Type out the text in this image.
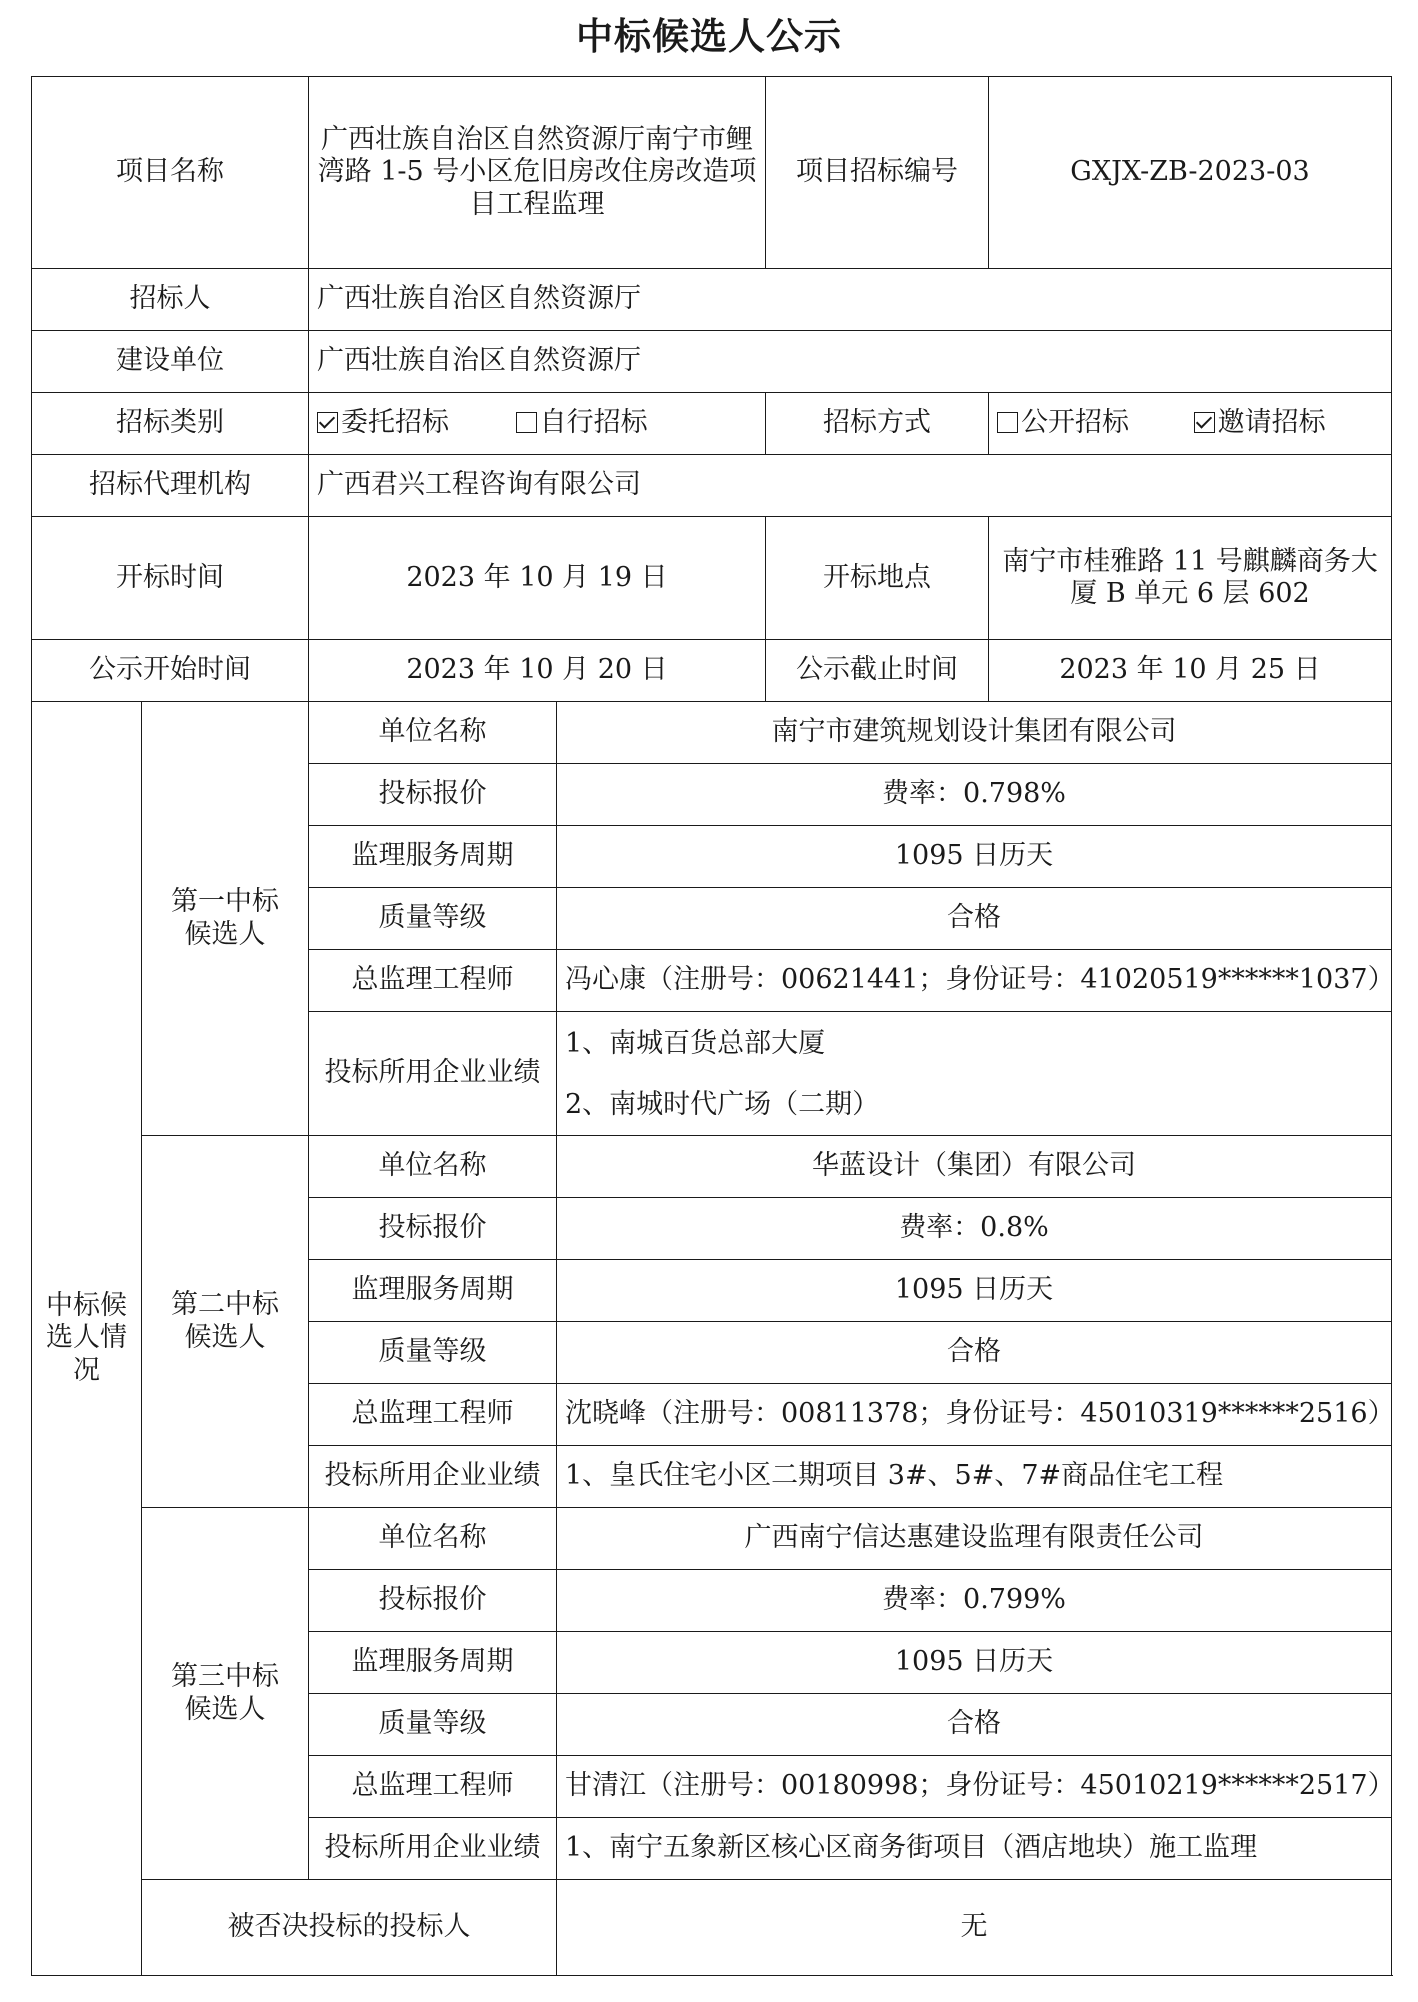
中标候选人公示
项目名称		广西壮族自治区自然资源厅南宁市鲤湾路 1-5 号小区危旧房改住房改造项目工程监理		项目招标编号	GXJX-ZB-2023-03
招标人		广西壮族自治区自然资源厅			
建设单位		广西壮族自治区自然资源厅			
招标类别		委托招标 自行招标		招标方式	公开招标 邀请招标
招标代理机构		广西君兴工程咨询有限公司			
开标时间		2023 年 10 月 19 日		开标地点	南宁市桂雅路 11 号麒麟商务大厦 B 单元 6 层 602
公示开始时间		2023 年 10 月 20 日		公示截止时间	2023 年 10 月 25 日
中标候选人情况	第一中标候选人	单位名称	南宁市建筑规划设计集团有限公司		
		投标报价	费率：0.798%		
		监理服务周期	1095 日历天		
		质量等级	合格		
		总监理工程师	冯心康（注册号：00621441；身份证号：41020519******1037）		
		投标所用企业业绩	1、南城百货总部大厦
2、南城时代广场（二期）		

	第二中标候选人	单位名称	华蓝设计（集团）有限公司		
		投标报价	费率：0.8%		
		监理服务周期	1095 日历天		
		质量等级	合格		
		总监理工程师	沈晓峰（注册号：00811378；身份证号：45010319******2516）		
		投标所用企业业绩	1、皇氏住宅小区二期项目 3#、5#、7#商品住宅工程		
	第三中标候选人	单位名称	广西南宁信达惠建设监理有限责任公司		
		投标报价	费率：0.799%		
		监理服务周期	1095 日历天		
		质量等级	合格		
		总监理工程师	甘清江（注册号：00180998；身份证号：45010219******2517）		
		投标所用企业业绩	1、南宁五象新区核心区商务街项目（酒店地块）施工监理		
	被否决投标的投标人		无		
